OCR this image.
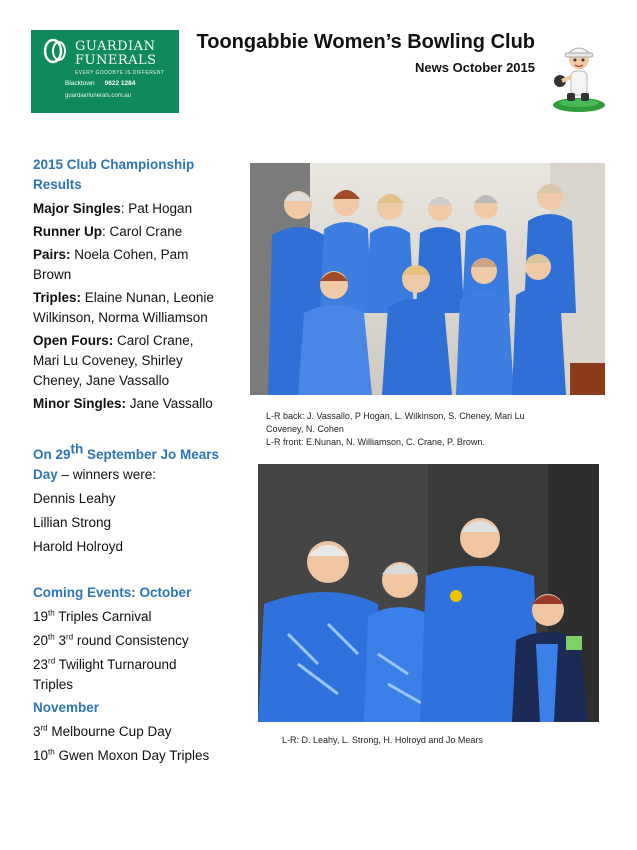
GUARDIAN
FUNERALS
EVERY GOODBYE IS DIFFERENT
Blacktown 9622 1284
guardianfunerals.com.au
Toongabbie Women’s Bowling Club
News October 2015
2015 Club Championship
Results
Major Singles: Pat Hogan
Runner Up: Carol Crane
Pairs: Noela Cohen, Pam
Brown
Triples: Elaine Nunan, Leonie
Wilkinson, Norma Williamson
Open Fours: Carol Crane,
Mari Lu Coveney, Shirley
Cheney, Jane Vassallo
Minor Singles: Jane Vassallo
On 29th September Jo Mears
Day – winners were:
Dennis Leahy
Lillian Strong
Harold Holroyd
Coming Events: October
19th Triples Carnival
20th 3rd round Consistency
23rd Twilight Turnaround
Triples
November
3rd Melbourne Cup Day
10th Gwen Moxon Day Triples
L-R back: J. Vassallo, P Hogan, L. Wilkinson, S. Cheney, Mari Lu
Coveney, N. Cohen
L-R front: E.Nunan, N. Williamson, C. Crane, P. Brown.
L-R: D. Leahy, L. Strong, H. Holroyd and Jo Mears
